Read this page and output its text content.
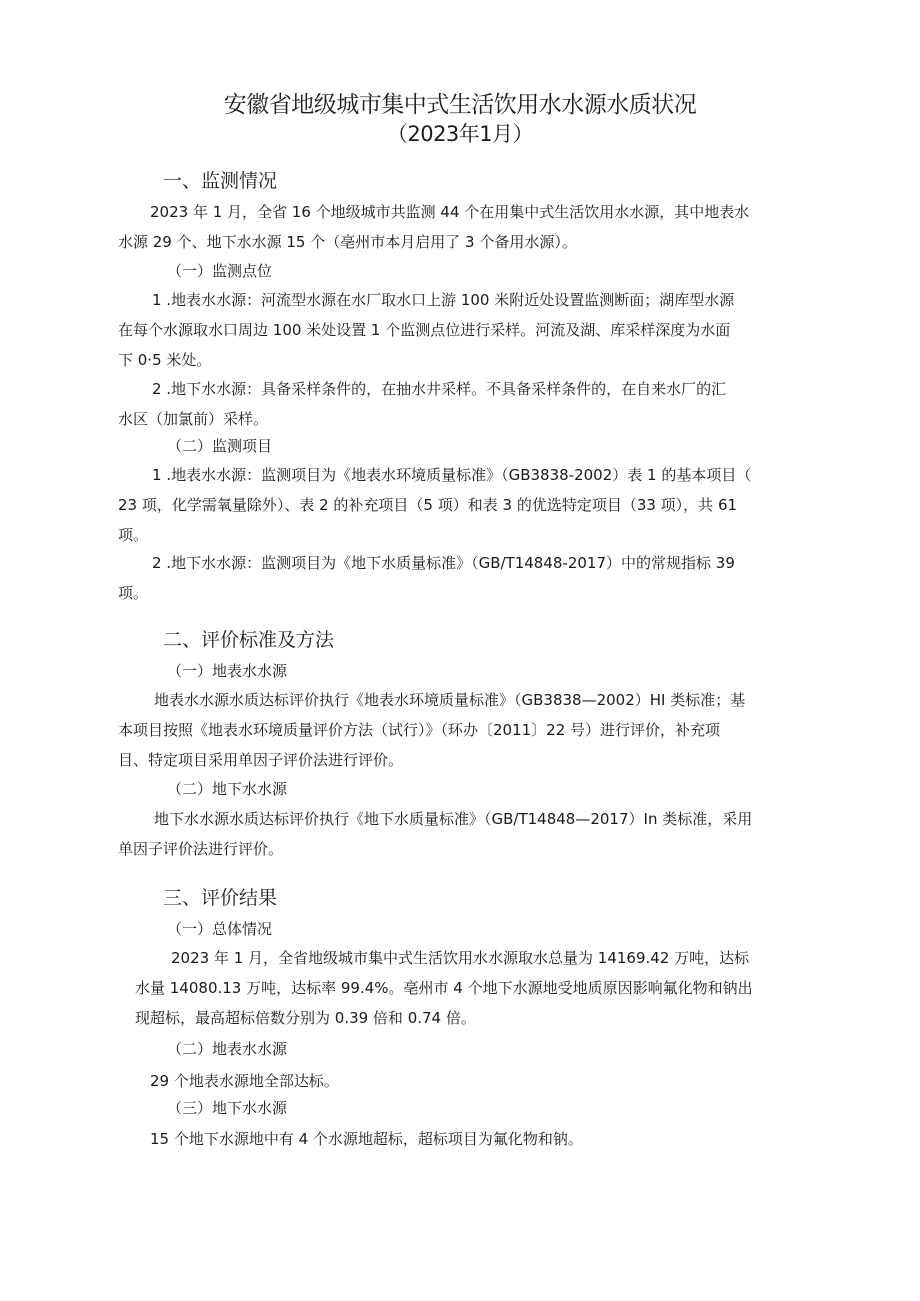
安徽省地级城市集中式生活饮用水水源水质状况
（2023年1月）
一、监测情况
2023 年 1 月，全省 16 个地级城市共监测 44 个在用集中式生活饮用水水源，其中地表水
水源 29 个、地下水水源 15 个（亳州市本月启用了 3 个备用水源）。
（一）监测点位
1 .地表水水源：河流型水源在水厂取水口上游 100 米附近处设置监测断面；湖库型水源
在每个水源取水口周边 100 米处设置 1 个监测点位进行采样。河流及湖、库采样深度为水面
下 0·5 米处。
2 .地下水水源：具备采样条件的，在抽水井采样。不具备采样条件的，在自来水厂的汇
水区（加氯前）采样。
（二）监测项目
1 .地表水水源：监测项目为《地表水环境质量标准》（GB3838-2002）表 1 的基本项目（
23 项，化学需氧量除外）、表 2 的补充项目（5 项）和表 3 的优选特定项目（33 项），共 61
项。
2 .地下水水源：监测项目为《地下水质量标准》（GB/T14848-2017）中的常规指标 39
项。
二、评价标准及方法
（一）地表水水源
地表水水源水质达标评价执行《地表水环境质量标准》（GB3838—2002）HI 类标准；基
本项目按照《地表水环境质量评价方法（试行）》（环办〔2011〕22 号）进行评价，补充项
目、特定项目采用单因子评价法进行评价。
（二）地下水水源
地下水水源水质达标评价执行《地下水质量标准》（GB/T14848—2017）In 类标准，采用
单因子评价法进行评价。
三、评价结果
（一）总体情况
2023 年 1 月，全省地级城市集中式生活饮用水水源取水总量为 14169.42 万吨，达标
水量 14080.13 万吨，达标率 99.4%。亳州市 4 个地下水源地受地质原因影响氟化物和钠出
现超标，最高超标倍数分别为 0.39 倍和 0.74 倍。
（二）地表水水源
29 个地表水源地全部达标。
（三）地下水水源
15 个地下水源地中有 4 个水源地超标，超标项目为氟化物和钠。
